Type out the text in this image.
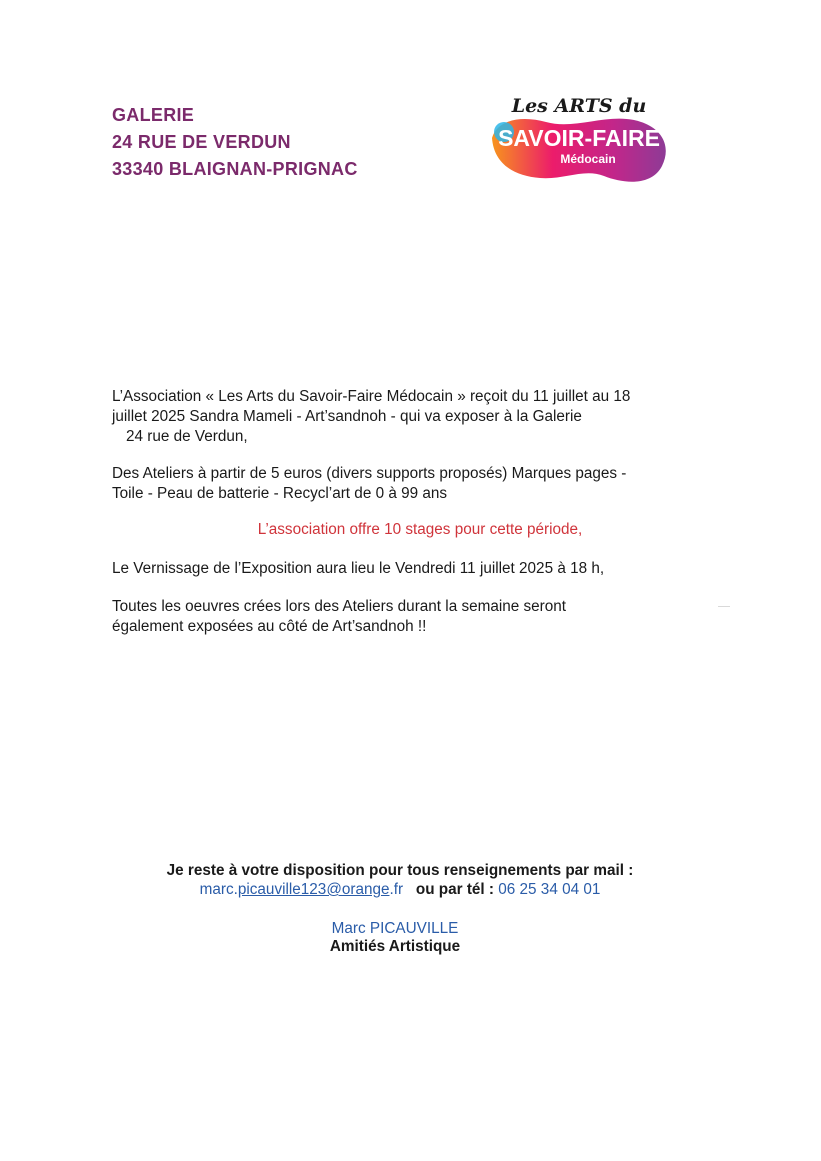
GALERIE
24 RUE DE VERDUN
33340 BLAIGNAN-PRIGNAC
Les ARTS du
SAVOIR-FAIRE
Médocain
L’Association « Les Arts du Savoir-Faire Médocain » reçoit du 11 juillet au 18
juillet 2025 Sandra Mameli - Art’sandnoh - qui va exposer à la Galerie
24 rue de Verdun,
Des Ateliers à partir de 5 euros (divers supports proposés) Marques pages -
Toile - Peau de batterie - Recycl’art de 0 à 99 ans
L’association offre 10 stages pour cette période,
Le Vernissage de l’Exposition aura lieu le Vendredi 11 juillet 2025 à 18 h,
Toutes les oeuvres crées lors des Ateliers durant la semaine seront
également exposées au côté de Art’sandnoh !!
Je reste à votre disposition pour tous renseignements par mail :
marc.picauville123@orange.fr ou par tél : 06 25 34 04 01
Marc PICAUVILLE
Amitiés Artistique
